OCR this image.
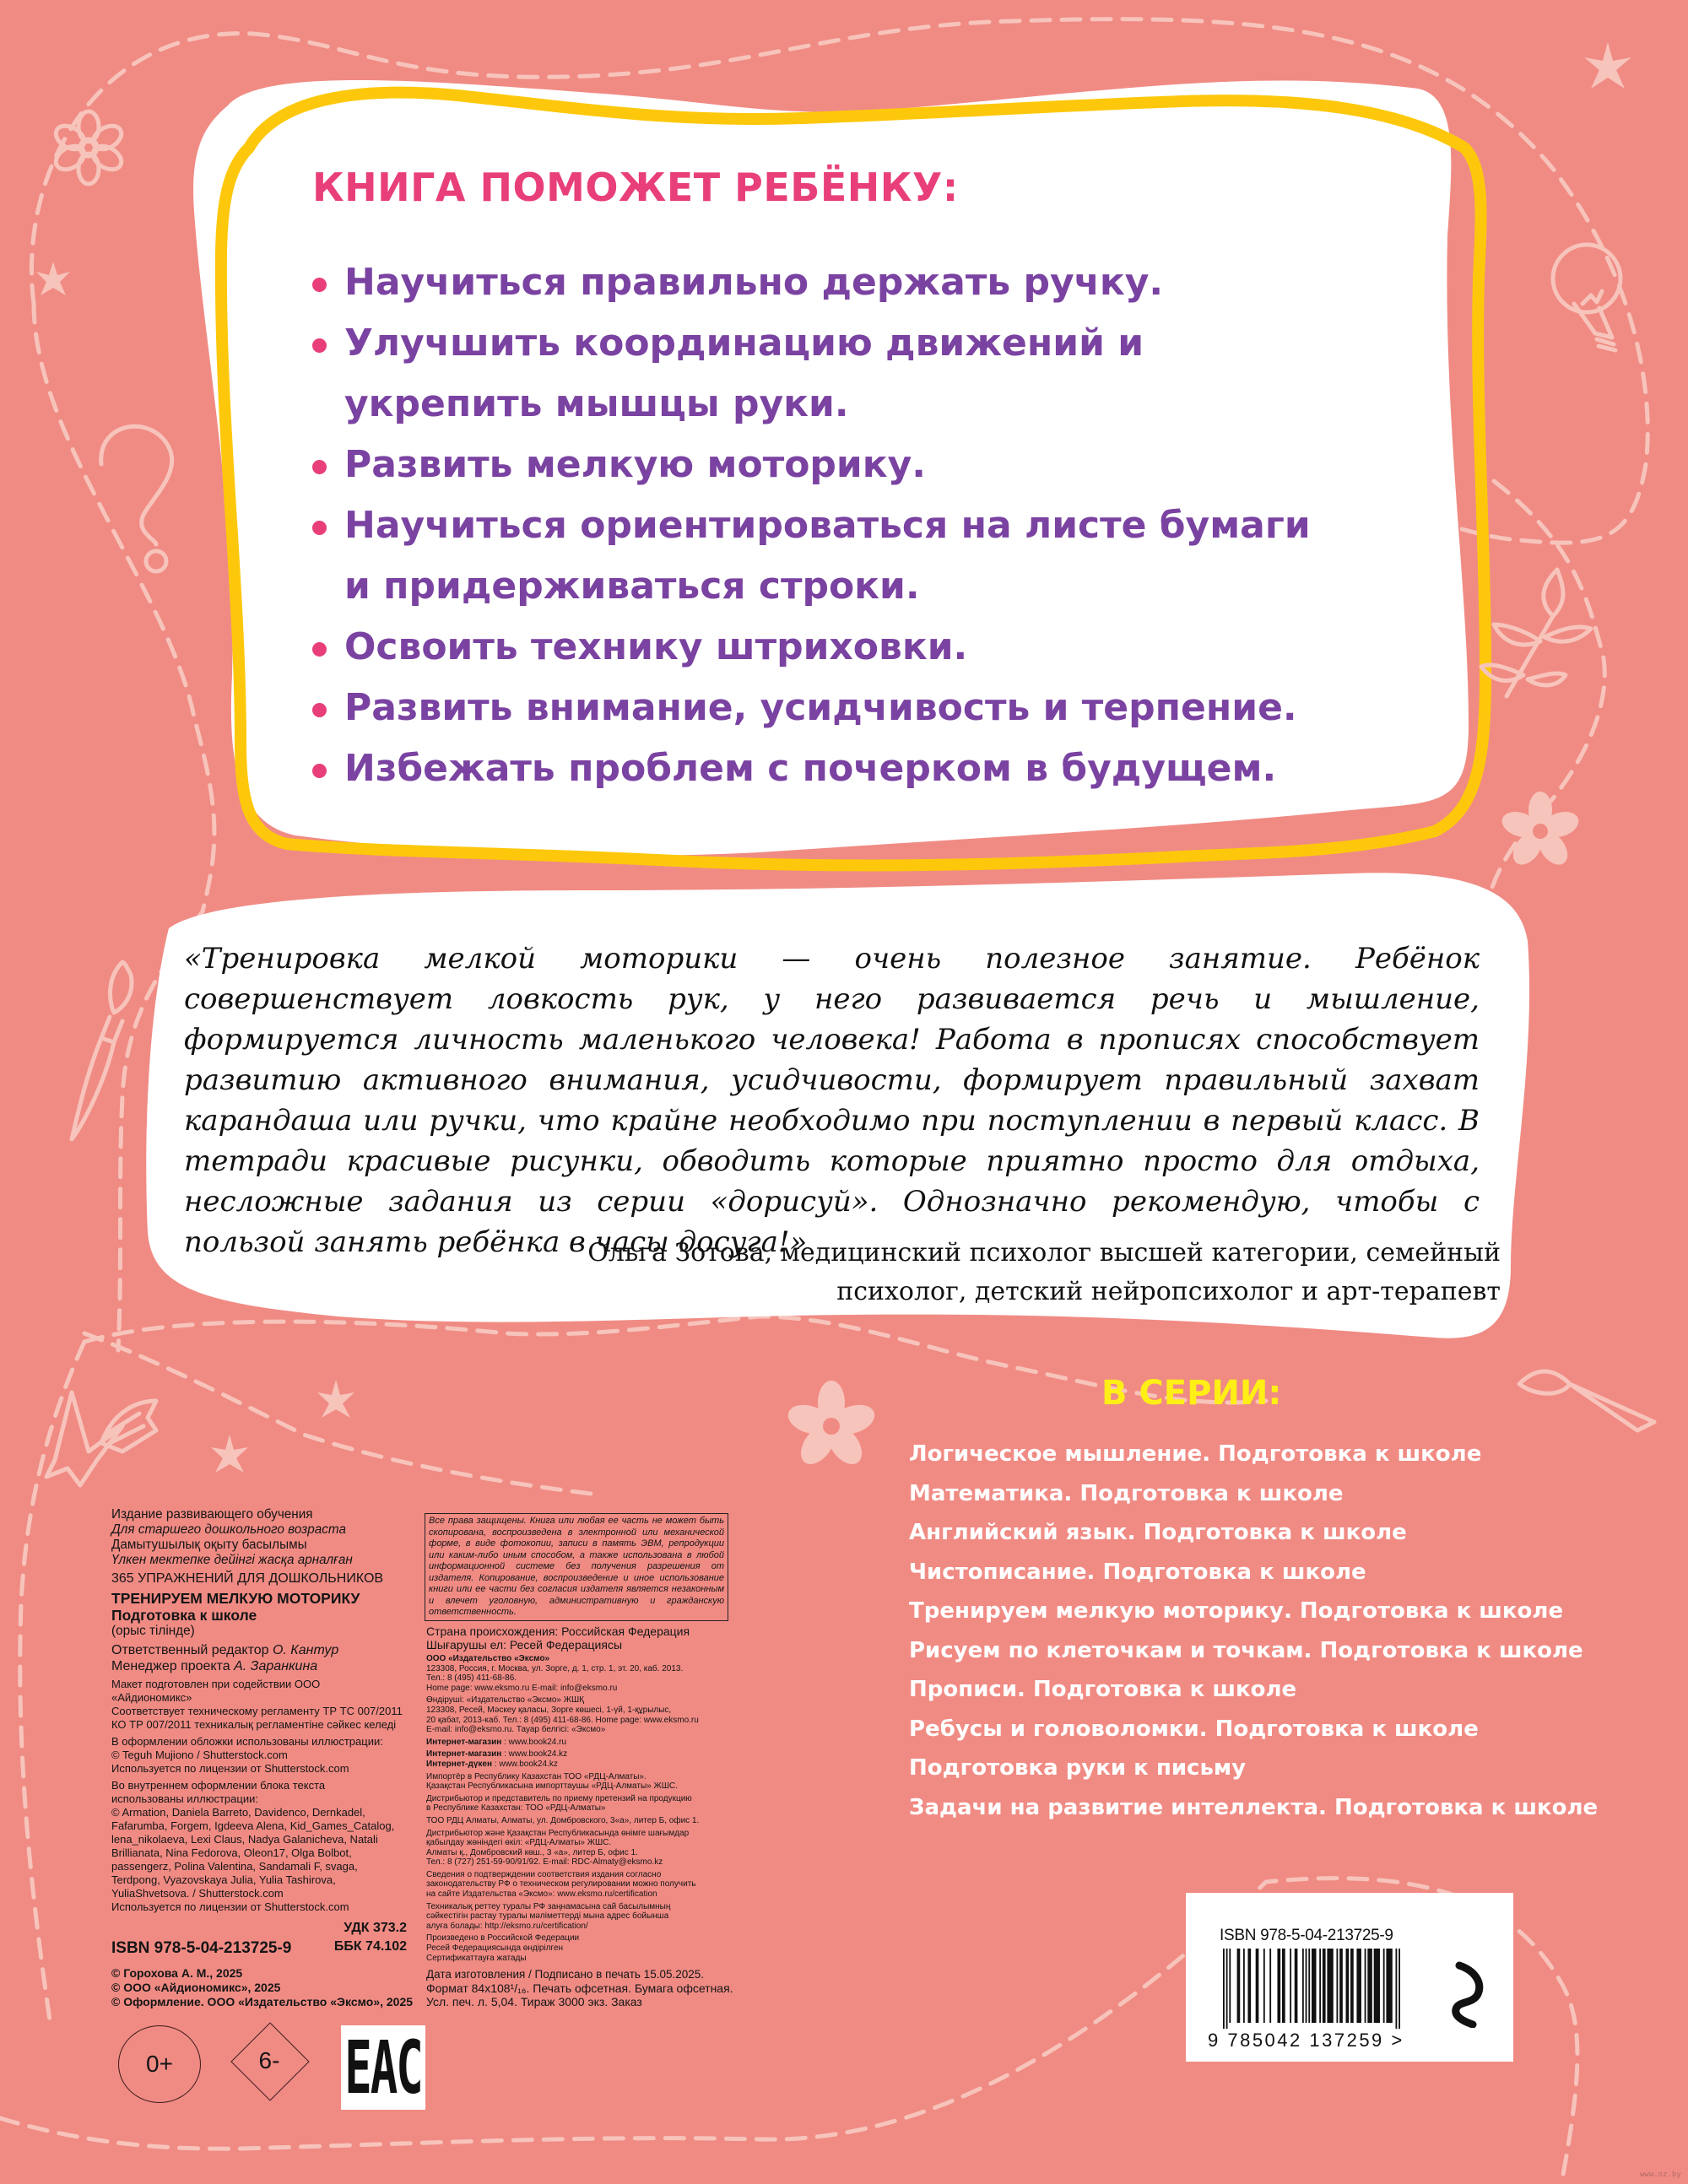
КНИГА ПОМОЖЕТ РЕБЁНКУ:
Научиться правильно держать ручку.
Улучшить координацию движений и укрепить мышцы руки.
Развить мелкую моторику.
Научиться ориентироваться на листе бумаги и придерживаться строки.
Освоить технику штриховки.
Развить внимание, усидчивость и терпение.
Избежать проблем с почерком в будущем.

«Тренировка мелкой моторики — очень полезное занятие. Ребёнок совершенствует ловкость рук, у него развивается речь и мышление, формируется личность маленького человека! Работа в прописях способствует развитию активного внимания, усидчивости, формирует правильный захват карандаша или ручки, что крайне необходимо при поступлении в первый класс. В тетради красивые рисунки, обводить которые приятно просто для отдыха, несложные задания из серии «дорисуй». Однозначно рекомендую, чтобы с пользой занять ребёнка в часы досуга!»

Ольга Зотова, медицинский психолог высшей категории, семейный
психолог, детский нейропсихолог и арт-терапевт
В СЕРИИ:
Логическое мышление. Подготовка к школе
Математика. Подготовка к школе
Английский язык. Подготовка к школе
Чистописание. Подготовка к школе
Тренируем мелкую моторику. Подготовка к школе
Рисуем по клеточкам и точкам. Подготовка к школе
Прописи. Подготовка к школе
Ребусы и головоломки. Подготовка к школе
Подготовка руки к письму
Задачи на развитие интеллекта. Подготовка к школе
Издание развивающего обучения
Для старшего дошкольного возраста
Дамытушылық оқыту басылымы
Үлкен мектепке дейінгі жасқа арналған
365 УПРАЖНЕНИЙ ДЛЯ ДОШКОЛЬНИКОВ
ТРЕНИРУЕМ МЕЛКУЮ МОТОРИКУ
Подготовка к школе
(орыс тілінде)
Ответственный редактор О. Кантур
Менеджер проекта А. Заранкина
Макет подготовлен при содействии ООО «Айдиономикс»
Соответствует техническому регламенту ТР ТС 007/2011
КО ТР 007/2011 техникалық регламентіне сәйкес келеді
В оформлении обложки использованы иллюстрации:
© Teguh Mujiono / Shutterstock.com
Используется по лицензии от Shutterstock.com
Во внутреннем оформлении блока текста
использованы иллюстрации:
© Armation, Daniela Barreto, Davidenco, Dernkadel, Fafarumba, Forgem, Igdeeva Alena, Kid_Games_Catalog, lena_nikolaeva, Lexi Claus, Nadya Galanicheva, Natali Brillianata, Nina Fedorova, Oleon17, Olga Bolbot, passengerz, Polina Valentina, Sandamali F, svaga, Terdpong, Vyazovskaya Julia, Yulia Tashirova, YuliaShvetsova. / Shutterstock.com
Используется по лицензии от Shutterstock.com
УДК 373.2
ISBN 978-5-04-213725-9	ББК 74.102
© Горохова А. М., 2025
© ООО «Айдиономикс», 2025
© Оформление. ООО «Издательство «Эксмо», 2025
Все права защищены. Книга или любая ее часть не может быть скопирована, воспроизведена в электронной или механической форме, в виде фотокопии, записи в память ЭВМ, репродукции или каким-либо иным способом, а также использована в любой информационной системе без получения разрешения от издателя. Копирование, воспроизведение и иное использование книги или ее части без согласия издателя является незаконным и влечет уголовную, административную и гражданскую ответственность.
Страна происхождения: Российская Федерация
Шығарушы ел: Ресей Федерациясы
ООО «Издательство «Эксмо»
123308, Россия, г. Москва, ул. Зорге, д. 1, стр. 1, эт. 20, каб. 2013.
Тел.: 8 (495) 411-68-86.
Home page: www.eksmo.ru E-mail: info@eksmo.ru
Өндіруші: «Издательство «Эксмо» ЖШҚ
123308, Ресей, Мәскеу қаласы, Зорге көшесі, 1-үй, 1-құрылыс,
20 қабат, 2013-каб. Тел.: 8 (495) 411-68-86. Home page: www.eksmo.ru
E-mail: info@eksmo.ru. Тауар белгісі: «Эксмо»
Интернет-магазин : www.book24.ru
Интернет-магазин : www.book24.kz
Интернет-дүкен : www.book24.kz
Импортёр в Республику Казахстан ТОО «РДЦ-Алматы».
Қазақстан Республикасына импорттаушы «РДЦ-Алматы» ЖШС.
Дистрибьютор и представитель по приему претензий на продукцию
в Республике Казахстан: ТОО «РДЦ-Алматы»
ТОО РДЦ Алматы, Алматы, ул. Домбровского, 3«а», литер Б, офис 1.
Дистрибьютор және Қазақстан Республикасында өнімге шағымдар
қабылдау жөніндегі өкіл: «РДЦ-Алматы» ЖШС.
Алматы қ., Домбровский көш., 3 «а», литер Б, офис 1.
Тел.: 8 (727) 251-59-90/91/92. E-mail: RDC-Almaty@eksmo.kz
Сведения о подтверждении соответствия издания согласно
законодательству РФ о техническом регулировании можно получить
на сайте Издательства «Эксмо»: www.eksmo.ru/certification
Техникалық реттеу туралы РФ заңнамасына сай басылымның
сәйкестігін растау туралы мәліметтерді мына адрес бойынша
алуға болады: http://eksmo.ru/certification/
Произведено в Российской Федерации
Ресей Федерациясында өндірілген
Сертификаттауға жатады
Дата изготовления / Подписано в печать 15.05.2025.
Формат 84х108¹/₁₆. Печать офсетная. Бумага офсетная.
Усл. печ. л. 5,04. Тираж 3000 экз. Заказ
0+	6-	EAC
ISBN 978-5-04-213725-9
9 785042 137259 >
www.oz.by
